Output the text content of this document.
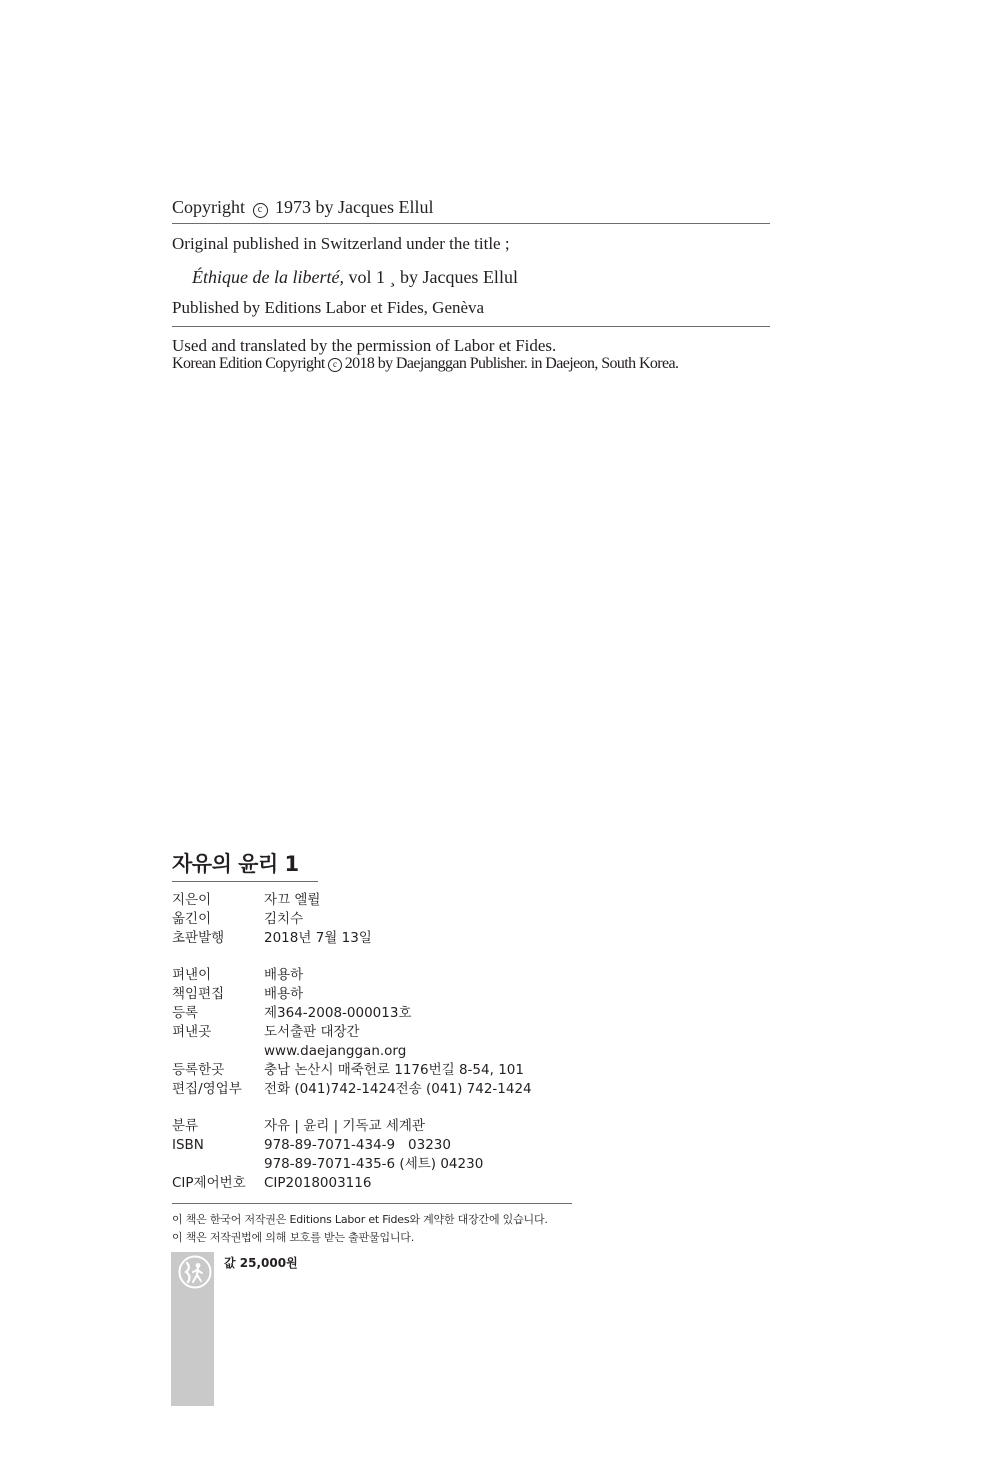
Copyright c 1973 by Jacques Ellul
Original published in Switzerland under the title ;
Éthique de la liberté, vol 1 ¸ by Jacques Ellul
Published by Editions Labor et Fides, Genèva
Used and translated by the permission of Labor et Fides.
Korean Edition Copyright c 2018 by Daejanggan Publisher. in Daejeon, South Korea.
자유의 윤리 1
지은이	자끄 엘륄
옮긴이	김치수
초판발행	2018년 7월 13일
펴낸이	배용하
책임편집	배용하
등록	제364-2008-000013호
펴낸곳	도서출판 대장간
www.daejanggan.org
등록한곳	충남 논산시 매죽헌로 1176번길 8-54, 101
편집/영업부	전화 (041)742-1424전송 (041) 742-1424
분류	자유 | 윤리 | 기독교 세계관
ISBN	978-89-7071-434-9   03230
978-89-7071-435-6 (세트) 04230
CIP제어번호	CIP2018003116
이 책은 한국어 저작권은 Editions Labor et Fides와 계약한 대장간에 있습니다.
이 책은 저작권법에 의해 보호를 받는 출판물입니다.
값 25,000원
